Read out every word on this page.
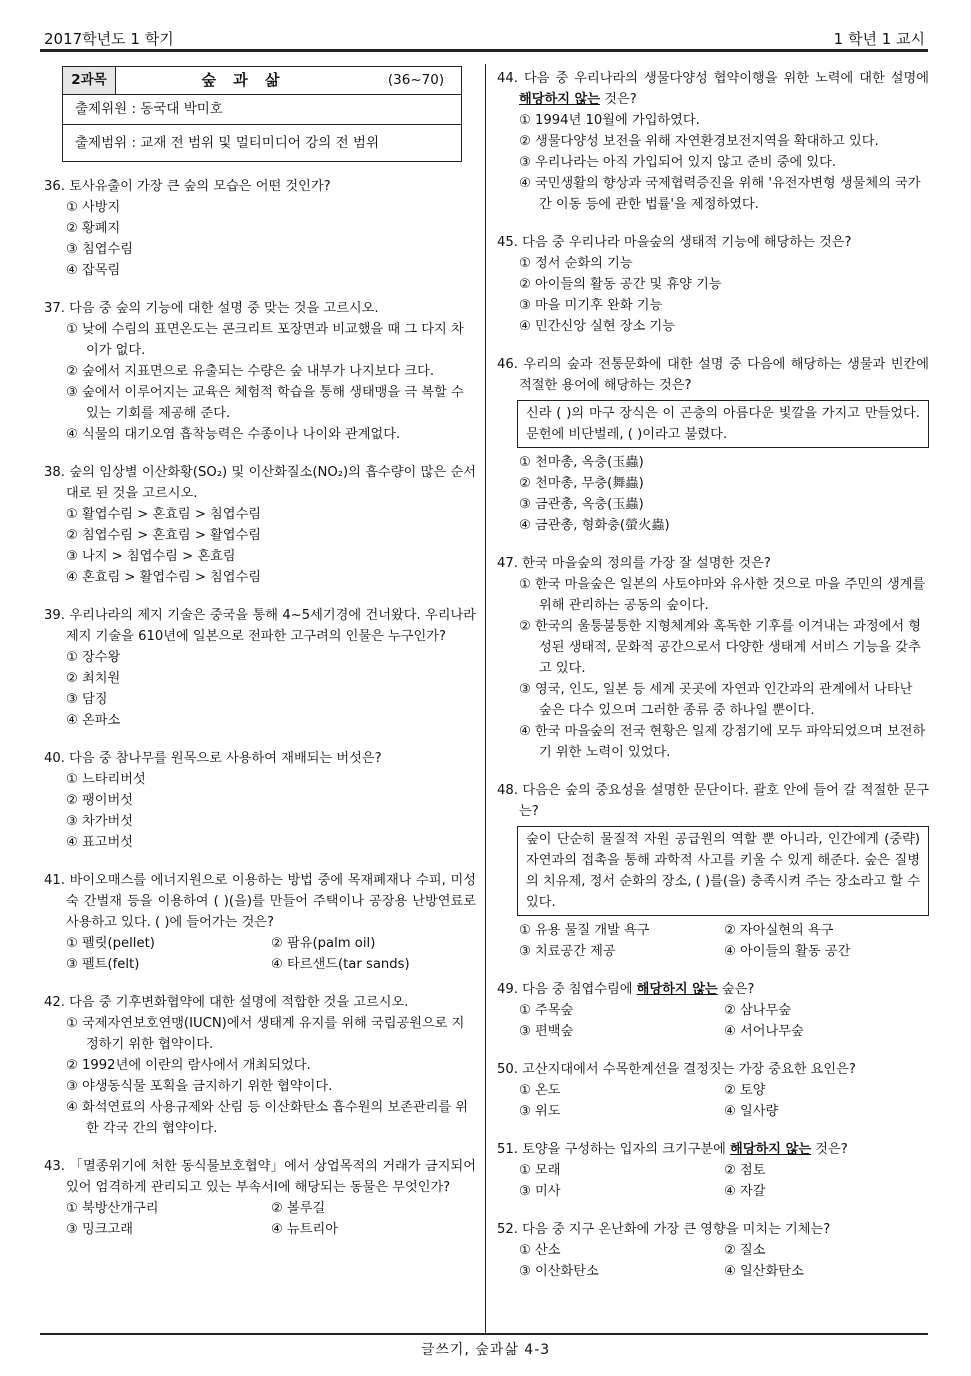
2017학년도 1 학기	1 학년 1 교시
글쓰기, 숲과삶 4-3
2과목	숲 과 삶	(36~70)
출제위원 : 동국대 박미호
출제범위 : 교재 전 범위 및 멀티미디어 강의 전 범위
36. 토사유출이 가장 큰 숲의 모습은 어떤 것인가?
① 사방지
② 황폐지
③ 침엽수림
④ 잡목림
37. 다음 중 숲의 기능에 대한 설명 중 맞는 것을 고르시오.
① 낮에 수림의 표면온도는 콘크리트 포장면과 비교했을 때 그 다지 차이가 없다.
② 숲에서 지표면으로 유출되는 수량은 숲 내부가 나지보다 크다.
③ 숲에서 이루어지는 교육은 체험적 학습을 통해 생태맹을 극 복할 수 있는 기회를 제공해 준다.
④ 식물의 대기오염 흡착능력은 수종이나 나이와 관계없다.
38. 숲의 임상별 이산화황(SO₂) 및 이산화질소(NO₂)의 흡수량이 많은 순서대로 된 것을 고르시오.
① 활엽수림 > 혼효림 > 침엽수림
② 침엽수림 > 혼효림 > 활엽수림
③ 나지 > 침엽수림 > 혼효림
④ 혼효림 > 활엽수림 > 침엽수림
39. 우리나라의 제지 기술은 중국을 통해 4~5세기경에 건너왔다. 우리나라 제지 기술을 610년에 일본으로 전파한 고구려의 인물은 누구인가?
① 장수왕
② 최치원
③ 담징
④ 온파소
40. 다음 중 참나무를 원목으로 사용하여 재배되는 버섯은?
① 느타리버섯
② 팽이버섯
③ 차가버섯
④ 표고버섯
41. 바이오매스를 에너지원으로 이용하는 방법 중에 목재폐재나 수피, 미성숙 간벌재 등을 이용하여 ( )(을)를 만들어 주택이나 공장용 난방연료로 사용하고 있다. ( )에 들어가는 것은?
① 펠릿(pellet)	② 팜유(palm oil)
③ 펠트(felt)	④ 타르샌드(tar sands)
42. 다음 중 기후변화협약에 대한 설명에 적합한 것을 고르시오.
① 국제자연보호연맹(IUCN)에서 생태계 유지를 위해 국립공원으로 지정하기 위한 협약이다.
② 1992년에 이란의 람사에서 개최되었다.
③ 야생동식물 포획을 금지하기 위한 협약이다.
④ 화석연료의 사용규제와 산림 등 이산화탄소 흡수원의 보존관리를 위한 각국 간의 협약이다.
43. 「멸종위기에 처한 동식물보호협약」에서 상업목적의 거래가 금지되어 있어 엄격하게 관리되고 있는 부속서Ⅰ에 해당되는 동물은 무엇인가?
① 북방산개구리	② 볼루길
③ 밍크고래	④ 뉴트리아
44. 다음 중 우리나라의 생물다양성 협약이행을 위한 노력에 대한 설명에 해당하지 않는 것은?
① 1994년 10월에 가입하였다.
② 생물다양성 보전을 위해 자연환경보전지역을 확대하고 있다.
③ 우리나라는 아직 가입되어 있지 않고 준비 중에 있다.
④ 국민생활의 향상과 국제협력증진을 위해 '유전자변형 생물체의 국가 간 이동 등에 관한 법률'을 제정하였다.
45. 다음 중 우리나라 마을숲의 생태적 기능에 해당하는 것은?
① 정서 순화의 기능
② 아이들의 활동 공간 및 휴양 기능
③ 마을 미기후 완화 기능
④ 민간신앙 실현 장소 기능
46. 우리의 숲과 전통문화에 대한 설명 중 다음에 해당하는 생물과 빈칸에 적절한 용어에 해당하는 것은?
신라 ( )의 마구 장식은 이 곤충의 아름다운 빛깔을 가지고 만들었다. 문헌에 비단벌레, ( )이라고 불렸다.
① 천마총, 옥충(玉蟲)
② 천마총, 무충(舞蟲)
③ 금관총, 옥충(玉蟲)
④ 금관총, 형화충(螢火蟲)
47. 한국 마을숲의 정의를 가장 잘 설명한 것은?
① 한국 마을숲은 일본의 사토야마와 유사한 것으로 마을 주민의 생계를 위해 관리하는 공동의 숲이다.
② 한국의 울퉁불퉁한 지형체계와 혹독한 기후를 이겨내는 과정에서 형성된 생태적, 문화적 공간으로서 다양한 생태계 서비스 기능을 갖추고 있다.
③ 영국, 인도, 일본 등 세계 곳곳에 자연과 인간과의 관계에서 나타난 숲은 다수 있으며 그러한 종류 중 하나일 뿐이다.
④ 한국 마을숲의 전국 현황은 일제 강점기에 모두 파악되었으며 보전하기 위한 노력이 있었다.
48. 다음은 숲의 중요성을 설명한 문단이다. 괄호 안에 들어 갈 적절한 문구는?
숲이 단순히 물질적 자원 공급원의 역할 뿐 아니라, 인간에게 (중략) 자연과의 접촉을 통해 과학적 사고를 키울 수 있게 해준다. 숲은 질병의 치유제, 정서 순화의 장소, ( )를(을) 충족시켜 주는 장소라고 할 수 있다.
① 유용 물질 개발 욕구	② 자아실현의 욕구
③ 치료공간 제공	④ 아이들의 활동 공간
49. 다음 중 침엽수림에 해당하지 않는 숲은?
① 주목숲	② 삼나무숲
③ 편백숲	④ 서어나무숲
50. 고산지대에서 수목한계선을 결정짓는 가장 중요한 요인은?
① 온도	② 토양
③ 위도	④ 일사량
51. 토양을 구성하는 입자의 크기구분에 해당하지 않는 것은?
① 모래	② 점토
③ 미사	④ 자갈
52. 다음 중 지구 온난화에 가장 큰 영향을 미치는 기체는?
① 산소	② 질소
③ 이산화탄소	④ 일산화탄소
